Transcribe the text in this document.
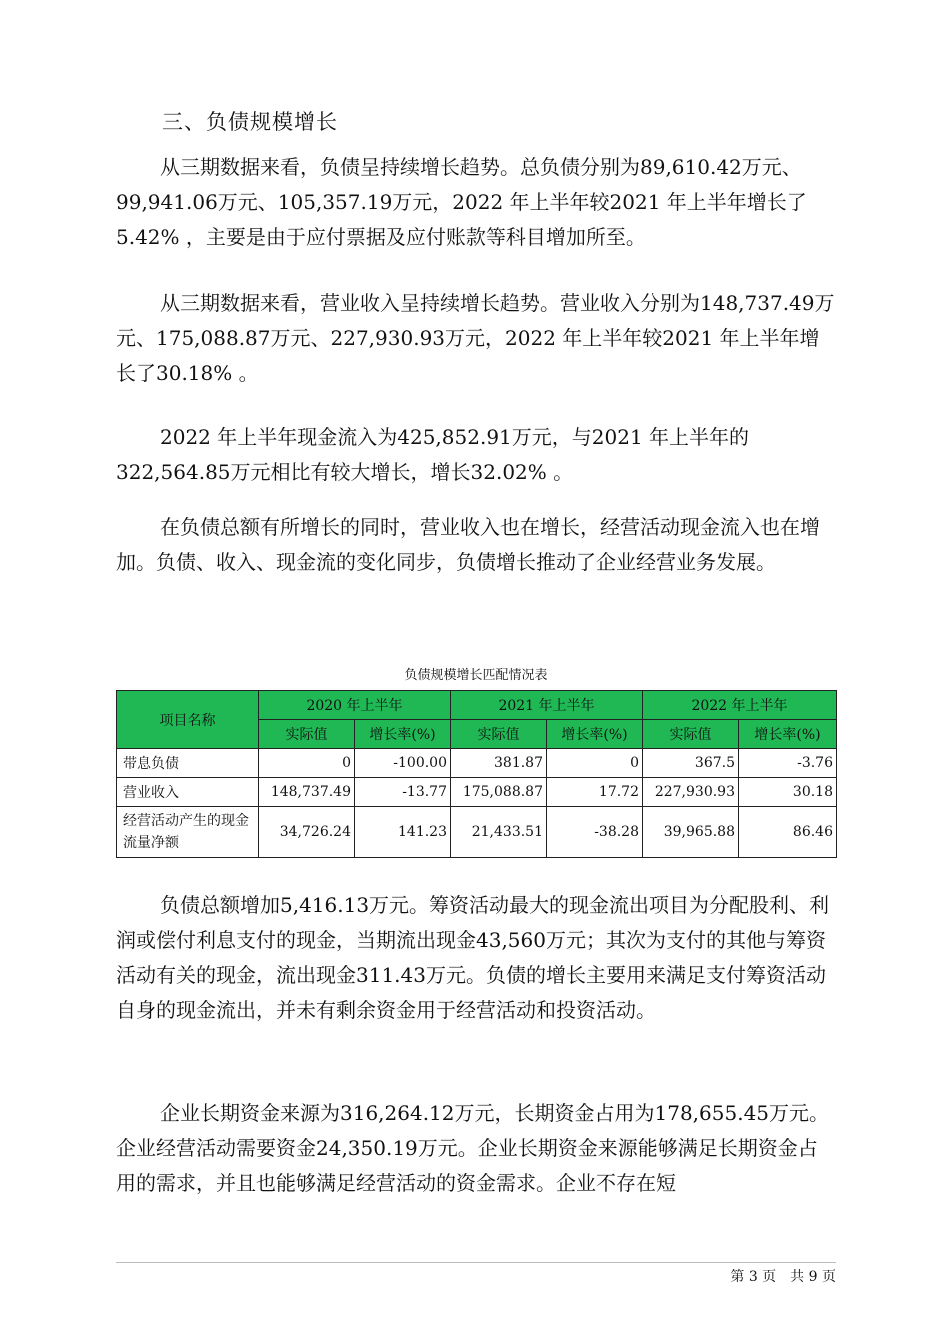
三、负债规模增长

从三期数据来看，负债呈持续增长趋势。总负债分别为89,610.42万元、99,941.06万元、105,357.19万元，2022 年上半年较2021 年上半年增长了5.42% ，主要是由于应付票据及应付账款等科目增加所至。

从三期数据来看，营业收入呈持续增长趋势。营业收入分别为148,737.49万元、175,088.87万元、227,930.93万元，2022 年上半年较2021 年上半年增长了30.18% 。

2022 年上半年现金流入为425,852.91万元，与2021 年上半年的322,564.85万元相比有较大增长，增长32.02% 。

在负债总额有所增长的同时，营业收入也在增长，经营活动现金流入也在增加。负债、收入、现金流的变化同步，负债增长推动了企业经营业务发展。

负债规模增长匹配情况表
项目名称	2020 年上半年		2021 年上半年		2022 年上半年	
	实际值	增长率(%)	实际值	增长率(%)	实际值	增长率(%)
带息负债	0	-100.00	381.87	0	367.5	-3.76
营业收入	148,737.49	-13.77	175,088.87	17.72	227,930.93	30.18
经营活动产生的现金流量净额	34,726.24	141.23	21,433.51	-38.28	39,965.88	86.46

负债总额增加5,416.13万元。筹资活动最大的现金流出项目为分配股利、利润或偿付利息支付的现金，当期流出现金43,560万元；其次为支付的其他与筹资活动有关的现金，流出现金311.43万元。负债的增长主要用来满足支付筹资活动自身的现金流出，并未有剩余资金用于经营活动和投资活动。

企业长期资金来源为316,264.12万元，长期资金占用为178,655.45万元。企业经营活动需要资金24,350.19万元。企业长期资金来源能够满足长期资金占用的需求，并且也能够满足经营活动的资金需求。企业不存在短

第 3 页　共 9 页
